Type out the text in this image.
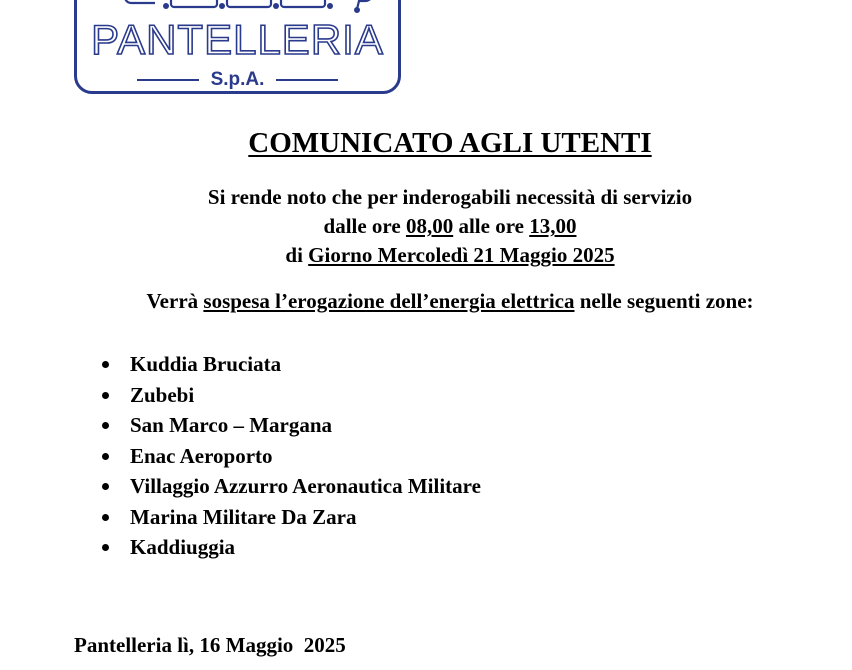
PANTELLERIA
S.p.A.
COMUNICATO AGLI UTENTI
Si rende noto che per inderogabili necessità di servizio
dalle ore 08,00 alle ore 13,00
di Giorno Mercoledì 21 Maggio 2025
Verrà sospesa l’erogazione dell’energia elettrica nelle seguenti zone:
Kuddia Bruciata
Zubebi
San Marco – Margana
Enac Aeroporto
Villaggio Azzurro Aeronautica Militare
Marina Militare Da Zara
Kaddiuggia
Pantelleria lì, 16 Maggio  2025
